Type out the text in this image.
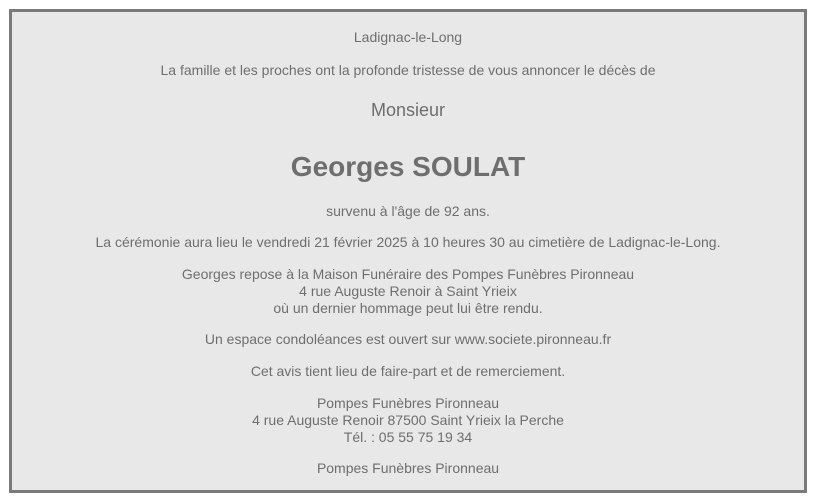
Ladignac-le-Long
La famille et les proches ont la profonde tristesse de vous annoncer le décès de
Monsieur
Georges SOULAT
survenu à l'âge de 92 ans.
La cérémonie aura lieu le vendredi 21 février 2025 à 10 heures 30 au cimetière de Ladignac-le-Long.
Georges repose à la Maison Funéraire des Pompes Funèbres Pironneau
4 rue Auguste Renoir à Saint Yrieix
où un dernier hommage peut lui être rendu.
Un espace condoléances est ouvert sur www.societe.pironneau.fr
Cet avis tient lieu de faire-part et de remerciement.
Pompes Funèbres Pironneau
4 rue Auguste Renoir 87500 Saint Yrieix la Perche
Tél. : 05 55 75 19 34
Pompes Funèbres Pironneau
